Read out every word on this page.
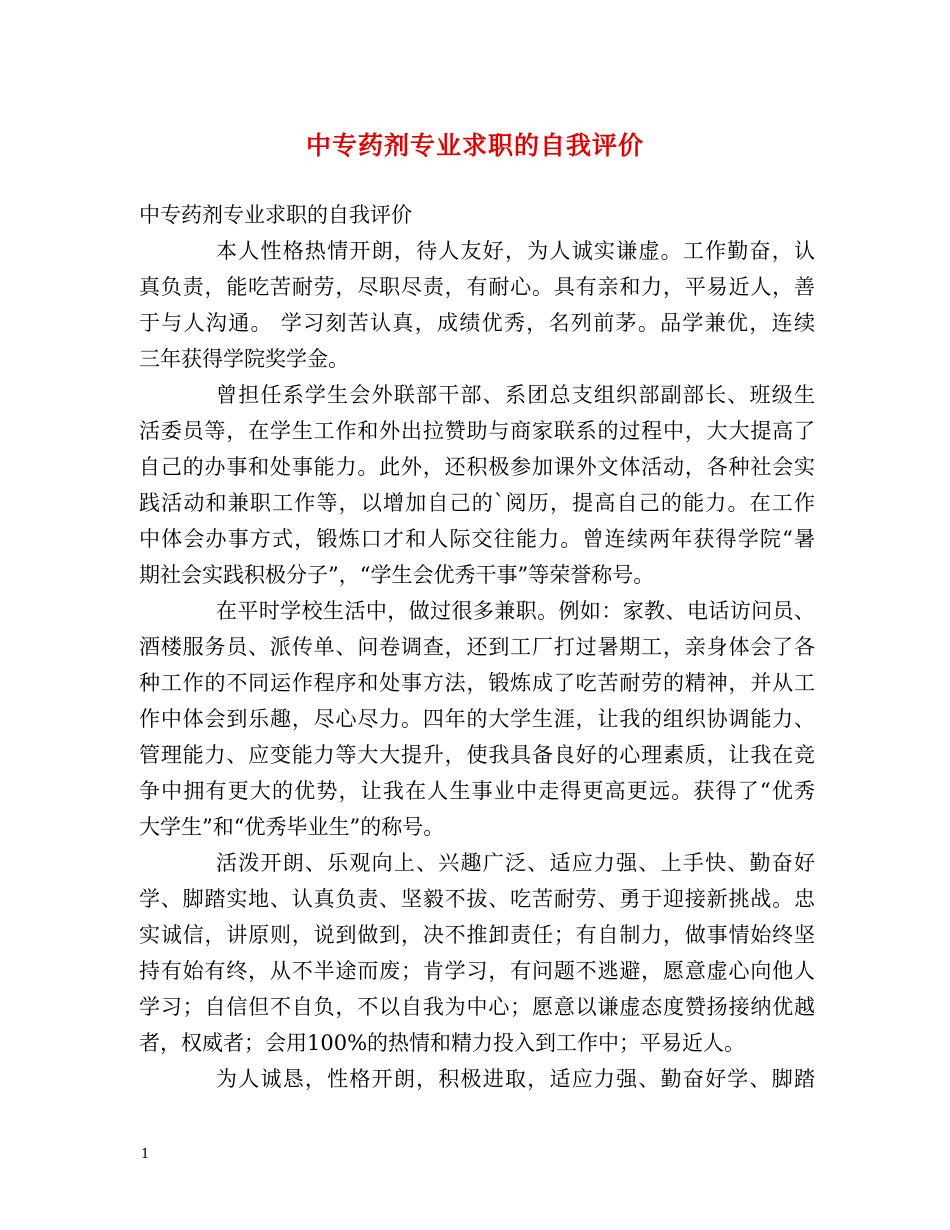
中专药剂专业求职的自我评价
中专药剂专业求职的自我评价
本人性格热情开朗，待人友好，为人诚实谦虚。工作勤奋，认
真负责，能吃苦耐劳，尽职尽责，有耐心。具有亲和力，平易近人，善
于与人沟通。 学习刻苦认真，成绩优秀，名列前茅。品学兼优，连续
三年获得学院奖学金。
曾担任系学生会外联部干部、系团总支组织部副部长、班级生
活委员等，在学生工作和外出拉赞助与商家联系的过程中，大大提高了
自己的办事和处事能力。此外，还积极参加课外文体活动，各种社会实
践活动和兼职工作等，以增加自己的`阅历，提高自己的能力。在工作
中体会办事方式，锻炼口才和人际交往能力。曾连续两年获得学院“暑
期社会实践积极分子”，“学生会优秀干事”等荣誉称号。
在平时学校生活中，做过很多兼职。例如：家教、电话访问员、
酒楼服务员、派传单、问卷调查，还到工厂打过暑期工，亲身体会了各
种工作的不同运作程序和处事方法，锻炼成了吃苦耐劳的精神，并从工
作中体会到乐趣，尽心尽力。四年的大学生涯，让我的组织协调能力、
管理能力、应变能力等大大提升，使我具备良好的心理素质，让我在竞
争中拥有更大的优势，让我在人生事业中走得更高更远。获得了“优秀
大学生”和“优秀毕业生”的称号。
活泼开朗、乐观向上、兴趣广泛、适应力强、上手快、勤奋好
学、脚踏实地、认真负责、坚毅不拔、吃苦耐劳、勇于迎接新挑战。忠
实诚信，讲原则，说到做到，决不推卸责任；有自制力，做事情始终坚
持有始有终，从不半途而废；肯学习，有问题不逃避，愿意虚心向他人
学习；自信但不自负，不以自我为中心；愿意以谦虚态度赞扬接纳优越
者，权威者；会用100%的热情和精力投入到工作中；平易近人。
为人诚恳，性格开朗，积极进取，适应力强、勤奋好学、脚踏
1
